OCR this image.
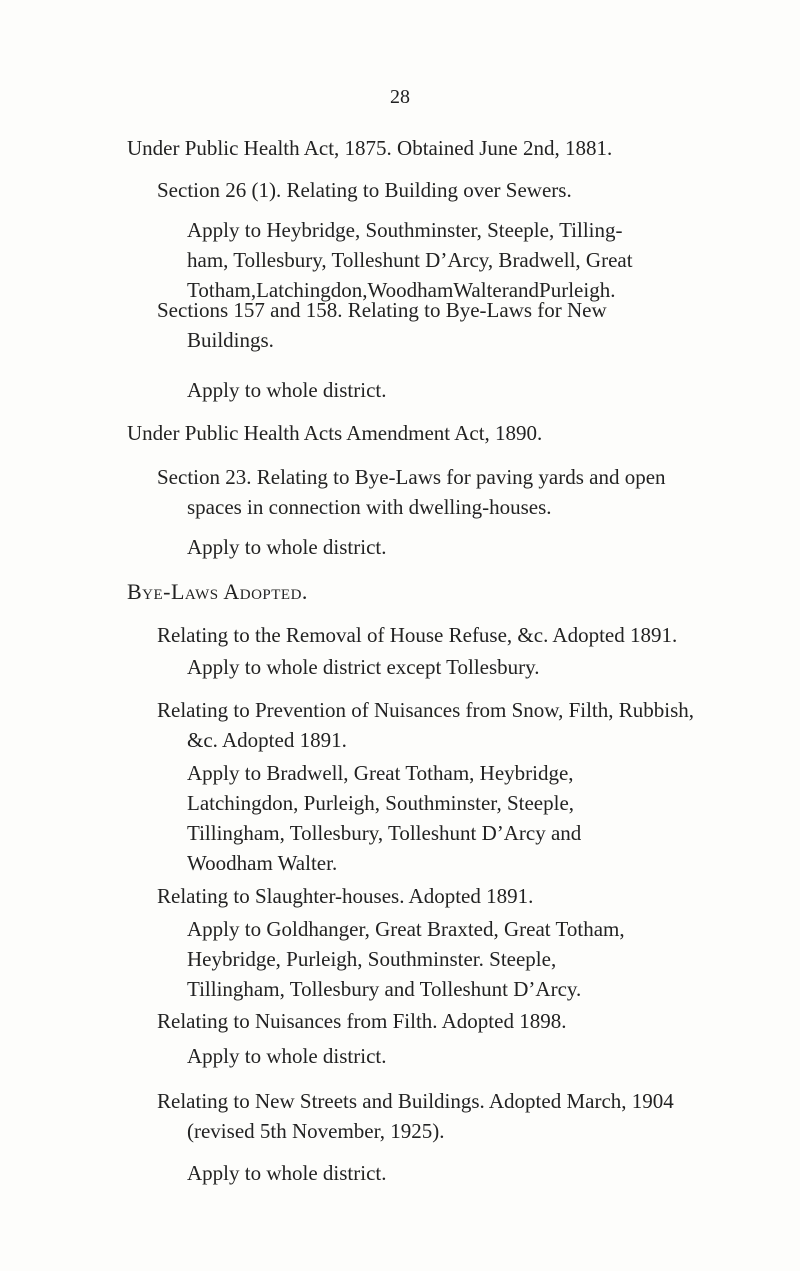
28
Under Public Health Act, 1875. Obtained June 2nd, 1881.
Section 26 (1). Relating to Building over Sewers.
Apply to Heybridge, Southminster, Steeple, Tilling-
ham, Tollesbury, Tolleshunt D’Arcy, Bradwell, Great
Totham,Latchingdon,WoodhamWalterandPurleigh.
Sections 157 and 158. Relating to Bye-Laws for New
Buildings.
Apply to whole district.
Under Public Health Acts Amendment Act, 1890.
Section 23. Relating to Bye-Laws for paving yards and open
spaces in connection with dwelling-houses.
Apply to whole district.
Bye-Laws Adopted.
Relating to the Removal of House Refuse, &c. Adopted 1891.
Apply to whole district except Tollesbury.
Relating to Prevention of Nuisances from Snow, Filth, Rubbish,
&c. Adopted 1891.
Apply to Bradwell, Great Totham, Heybridge,
Latchingdon, Purleigh, Southminster, Steeple,
Tillingham, Tollesbury, Tolleshunt D’Arcy and
Woodham Walter.
Relating to Slaughter-houses. Adopted 1891.
Apply to Goldhanger, Great Braxted, Great Totham,
Heybridge, Purleigh, Southminster. Steeple,
Tillingham, Tollesbury and Tolleshunt D’Arcy.
Relating to Nuisances from Filth. Adopted 1898.
Apply to whole district.
Relating to New Streets and Buildings. Adopted March, 1904
(revised 5th November, 1925).
Apply to whole district.
